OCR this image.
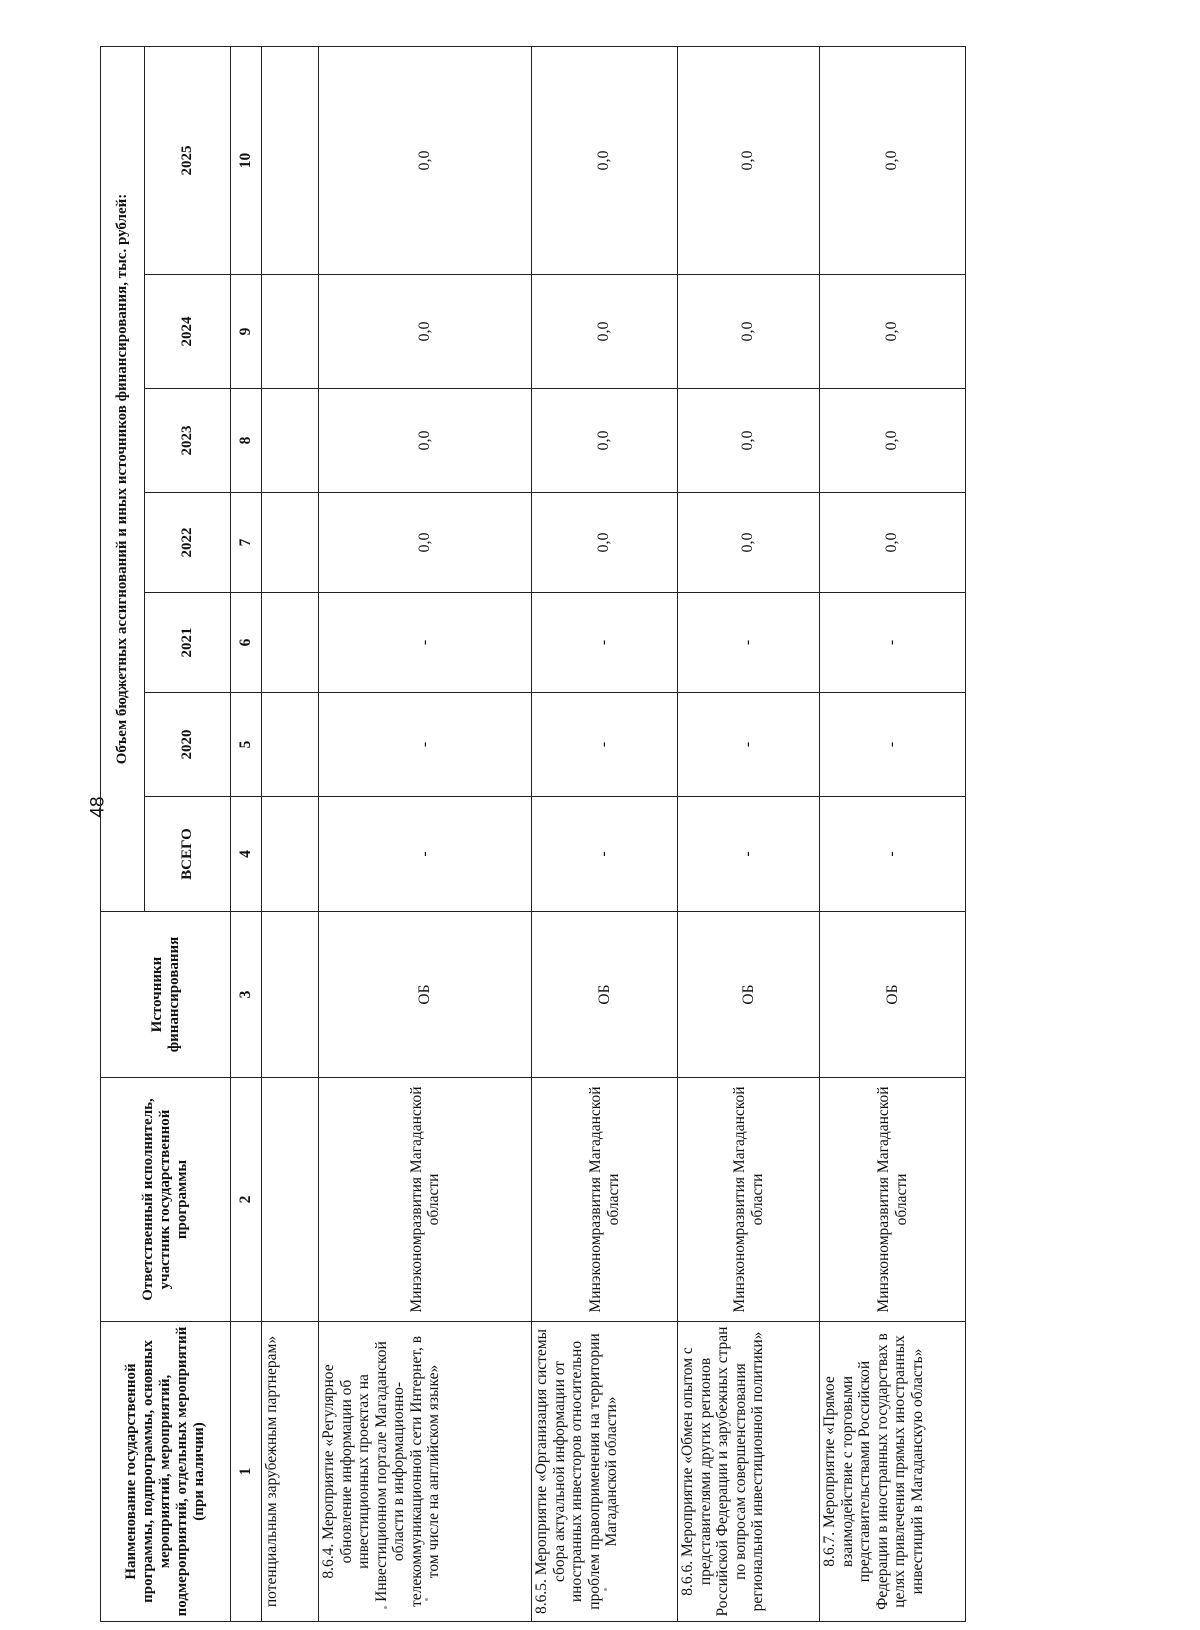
48
Наименование государственной программы, подпрограммы, основных мероприятий, мероприятий, подмероприятий, отдельных мероприятий (при наличии)	Ответственный исполнитель, участник государственной программы	Источники финансирования	Объем бюджетных ассигнований и иных источников финансирования, тыс. рублей:						
			ВСЕГО	2020	2021	2022	2023	2024	2025
1	2	3	4	5	6	7	8	9	10
потенциальным зарубежным партнерам»									
8.6.4. Мероприятие «Регулярное обновление информации об инвестиционных проектах на Инвестиционном портале Магаданской области в информационно-телекоммуникационной сети Интернет, в том числе на английском языке»	Минэкономразвития Магаданской области	ОБ	-	-	-	0,0	0,0	0,0	0,0
8.6.5. Мероприятие «Организация системы сбора актуальной информации от иностранных инвесторов относительно проблем правоприменения на территории Магаданской области»	Минэкономразвития Магаданской области	ОБ	-	-	-	0,0	0,0	0,0	0,0
8.6.6. Мероприятие «Обмен опытом с представителями других регионов Российской Федерации и зарубежных стран по вопросам совершенствования региональной инвестиционной политики»	Минэкономразвития Магаданской области	ОБ	-	-	-	0,0	0,0	0,0	0,0
8.6.7. Мероприятие «Прямое взаимодействие с торговыми представительствами Российской Федерации в иностранных государствах в целях привлечения прямых иностранных инвестиций в Магаданскую область»	Минэкономразвития Магаданской области	ОБ	-	-	-	0,0	0,0	0,0	0,0
